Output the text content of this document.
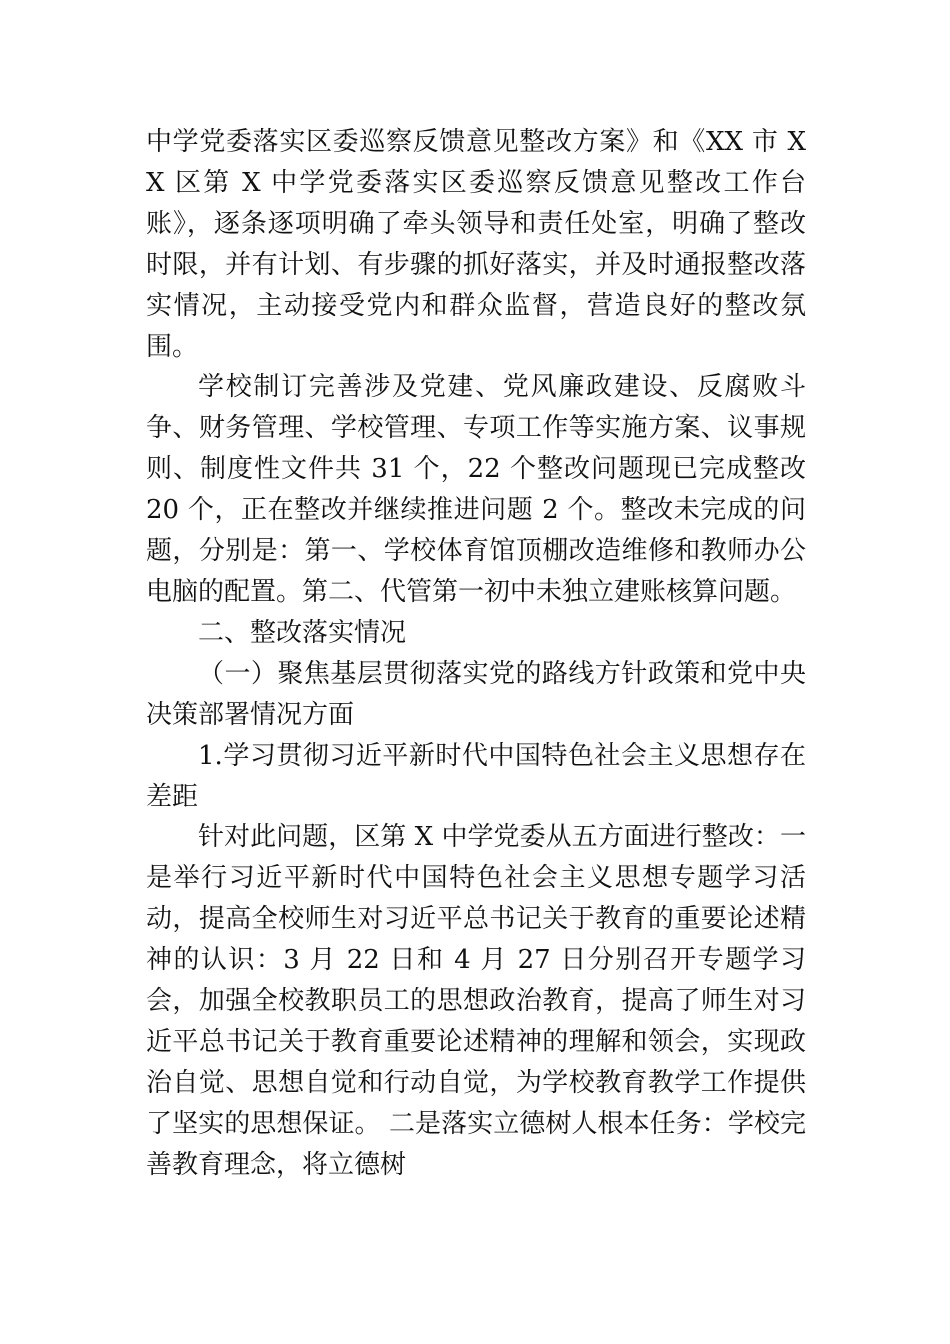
中学党委落实区委巡察反馈意见整改方案》和《XX 市 XX 区第 X 中学党委落实区委巡察反馈意见整改工作台账》，逐条逐项明确了牵头领导和责任处室，明确了整改时限，并有计划、有步骤的抓好落实，并及时通报整改落实情况，主动接受党内和群众监督，营造良好的整改氛围。

学校制订完善涉及党建、党风廉政建设、反腐败斗争、财务管理、学校管理、专项工作等实施方案、议事规则、制度性文件共 31 个，22 个整改问题现已完成整改 20 个，正在整改并继续推进问题 2 个。整改未完成的问题，分别是：第一、学校体育馆顶棚改造维修和教师办公电脑的配置。第二、代管第一初中未独立建账核算问题。

二、整改落实情况

（一）聚焦基层贯彻落实党的路线方针政策和党中央决策部署情况方面

1.学习贯彻习近平新时代中国特色社会主义思想存在差距

针对此问题，区第 X 中学党委从五方面进行整改：一是举行习近平新时代中国特色社会主义思想专题学习活动，提高全校师生对习近平总书记关于教育的重要论述精神的认识：3 月 22 日和 4 月 27 日分别召开专题学习会，加强全校教职员工的思想政治教育，提高了师生对习近平总书记关于教育重要论述精神的理解和领会，实现政治自觉、思想自觉和行动自觉，为学校教育教学工作提供了坚实的思想保证。 二是落实立德树人根本任务：学校完善教育理念，将立德树
